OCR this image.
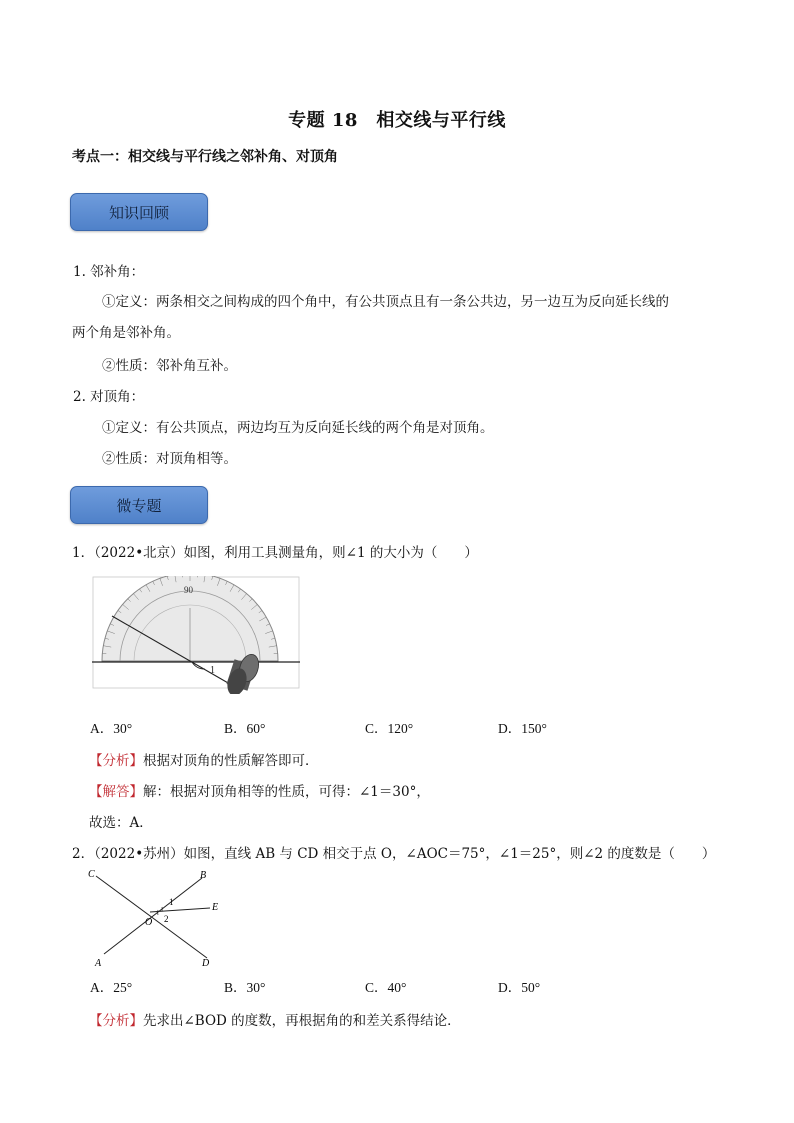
专题 18　相交线与平行线
考点一：相交线与平行线之邻补角、对顶角
知识回顾
1. 邻补角：
①定义：两条相交之间构成的四个角中，有公共顶点且有一条公共边，另一边互为反向延长线的
两个角是邻补角。
②性质：邻补角互补。
2. 对顶角：
①定义：有公共顶点，两边均互为反向延长线的两个角是对顶角。
②性质：对顶角相等。
微专题
1．（2022•北京）如图，利用工具测量角，则∠1 的大小为（　　）
90
1
A．30°	B．60°	C．120°	D．150°
【分析】根据对顶角的性质解答即可．
【解答】解：根据对顶角相等的性质，可得：∠1＝30°，
故选：A．
2．（2022•苏州）如图，直线 AB 与 CD 相交于点 O，∠AOC＝75°，∠1＝25°，则∠2 的度数是（　　）
C	B
E
O
A	D
1
2
A．25°	B．30°	C．40°	D．50°
【分析】先求出∠BOD 的度数，再根据角的和差关系得结论．
